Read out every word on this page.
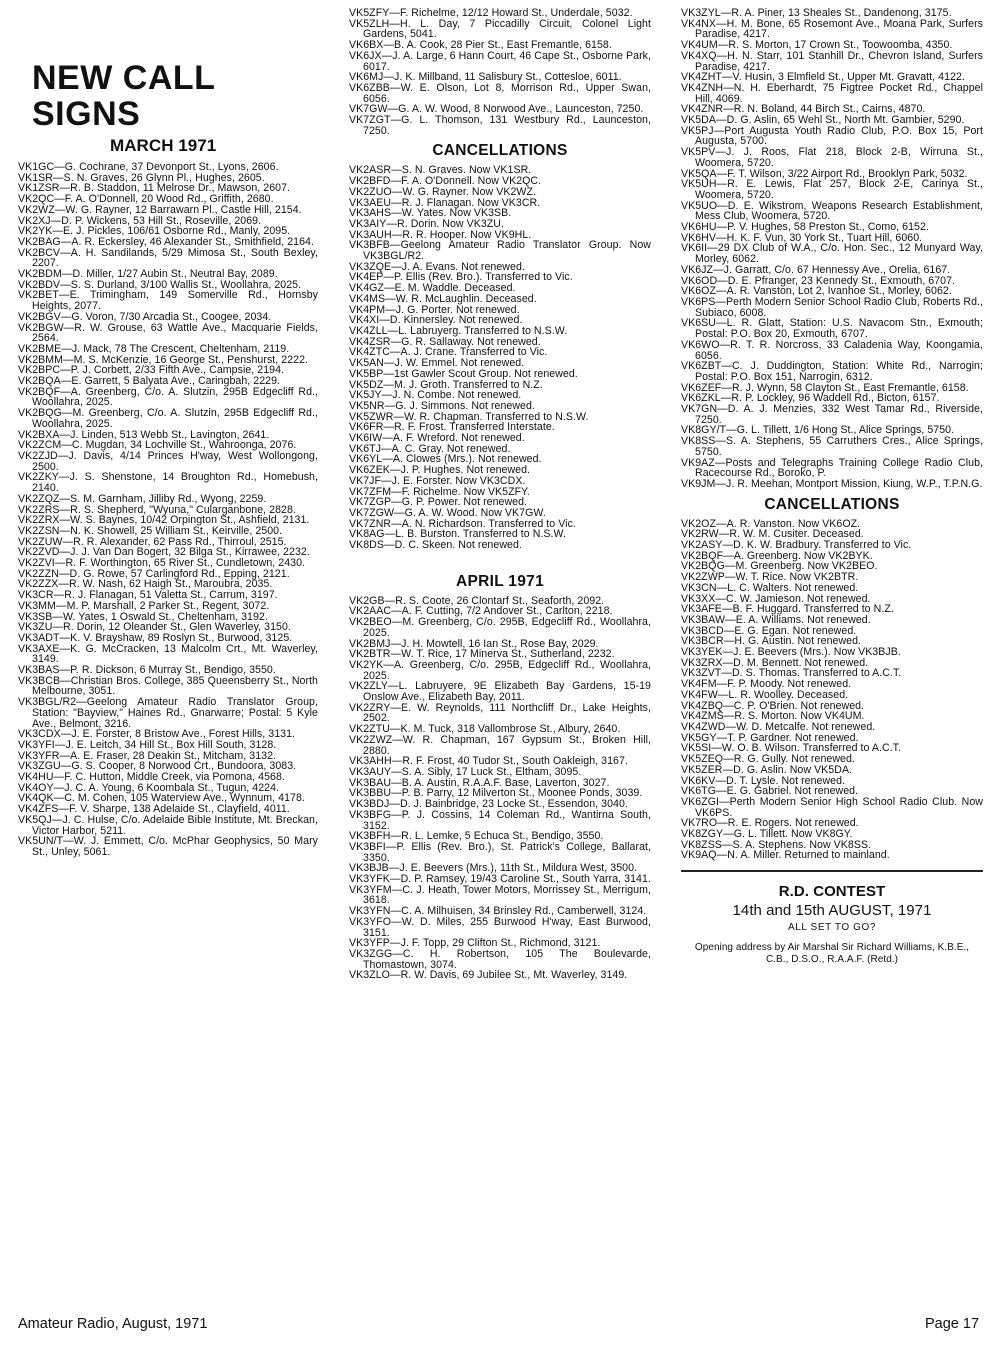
NEW CALL SIGNS
MARCH 1971

VK1GC—G. Cochrane, 37 Devonport St., Lyons, 2606.

VK1SR—S. N. Graves, 26 Glynn Pl., Hughes, 2605.

VK1ZSR—R. B. Staddon, 11 Melrose Dr., Mawson, 2607.

VK2QC—F. A. O'Donnell, 20 Wood Rd., Griffith, 2680.

VK2WZ—W. G. Rayner, 12 Barrawarn Pl., Castle Hill, 2154.

VK2XJ—D. P. Wickens, 53 Hill St., Roseville, 2069.

VK2YK—E. J. Pickles, 106/61 Osborne Rd., Manly, 2095.

VK2BAG—A. R. Eckersley, 46 Alexander St., Smithfield, 2164.

VK2BCV—A. H. Sandilands, 5/29 Mimosa St., South Bexley, 2207.

VK2BDM—D. Miller, 1/27 Aubin St., Neutral Bay, 2089.

VK2BDV—S. S. Durland, 3/100 Wallis St., Woollahra, 2025.

VK2BET—E. Trimingham, 149 Somerville Rd., Hornsby Heights, 2077.

VK2BGV—G. Voron, 7/30 Arcadia St., Coogee, 2034.

VK2BGW—R. W. Grouse, 63 Wattle Ave., Macquarie Fields, 2564.

VK2BME—J. Mack, 78 The Crescent, Cheltenham, 2119.

VK2BMM—M. S. McKenzie, 16 George St., Penshurst, 2222.

VK2BPC—P. J. Corbett, 2/33 Fifth Ave., Campsie, 2194.

VK2BQA—E. Garrett, 5 Balyata Ave., Caringbah, 2229.

VK2BQF—A. Greenberg, C/o. A. Slutzin, 295B Edgecliff Rd., Woollahra, 2025.

VK2BQG—M. Greenberg, C/o. A. Slutzin, 295B Edgecliff Rd., Woollahra, 2025.

VK2BXA—J. Linden, 513 Webb St., Lavington, 2641.

VK2ZCM—C. Mugdan, 34 Lochville St., Wahroonga, 2076.

VK2ZJD—J. Davis, 4/14 Princes H'way, West Wollongong, 2500.

VK2ZKY—J. S. Shenstone, 14 Broughton Rd., Homebush, 2140.

VK2ZQZ—S. M. Garnham, Jilliby Rd., Wyong, 2259.

VK2ZRS—R. S. Shepherd, "Wyuna," Cularganbone, 2828.

VK2ZRX—W. S. Baynes, 10/42 Orpington St., Ashfield, 2131.

VK2ZSN—N. K. Showell, 25 William St., Keirville, 2500.

VK2ZUW—R. R. Alexander, 62 Pass Rd., Thirroul, 2515.

VK2ZVD—J. J. Van Dan Bogert, 32 Bilga St., Kirrawee, 2232.

VK2ZVI—R. F. Worthington, 65 River St., Cundletown, 2430.

VK2ZZN—D. G. Rowe, 57 Carlingford Rd., Epping, 2121.

VK2ZZX—R. W. Nash, 62 Haigh St., Maroubra, 2035.

VK3CR—R. J. Flanagan, 51 Valetta St., Carrum, 3197.

VK3MM—M. P. Marshall, 2 Parker St., Regent, 3072.

VK3SB—W. Yates, 1 Oswald St., Cheltenham, 3192.

VK3ZU—R. Dorin, 12 Oleander St., Glen Waverley, 3150.

VK3ADT—K. V. Brayshaw, 89 Roslyn St., Burwood, 3125.

VK3AXE—K. G. McCracken, 13 Malcolm Crt., Mt. Waverley, 3149.

VK3BAS—P. R. Dickson, 6 Murray St., Bendigo, 3550.

VK3BCB—Christian Bros. College, 385 Queensberry St., North Melbourne, 3051.

VK3BGL/R2—Geelong Amateur Radio Translator Group, Station: "Bayview," Haines Rd., Gnarwarre; Postal: 5 Kyle Ave., Belmont, 3216.

VK3CDX—J. E. Forster, 8 Bristow Ave., Forest Hills, 3131.

VK3YFI—J. E. Leitch, 34 Hill St., Box Hill South, 3128.

VK3YFR—A. E. Fraser, 28 Deakin St., Mitcham, 3132.

VK3ZGU—G. S. Cooper, 8 Norwood Crt., Bundoora, 3083.

VK4HU—F. C. Hutton, Middle Creek, via Pomona, 4568.

VK4OY—J. C. A. Young, 6 Koombala St., Tugun, 4224.

VK4QK—C. M. Cohen, 105 Waterview Ave., Wynnum, 4178.

VK4ZFS—F. V. Sharpe, 138 Adelaide St., Clayfield, 4011.

VK5QJ—J. C. Hulse, C/o. Adelaide Bible Institute, Mt. Breckan, Victor Harbor, 5211.

VK5UN/T—W. J. Emmett, C/o. McPhar Geophysics, 50 Mary St., Unley, 5061.

VK5ZFY—F. Richelme, 12/12 Howard St., Underdale, 5032.

VK5ZLH—H. L. Day, 7 Piccadilly Circuit, Colonel Light Gardens, 5041.

VK6BX—B. A. Cook, 28 Pier St., East Fremantle, 6158.

VK6JX—J. A. Large, 6 Hann Court, 46 Cape St., Osborne Park, 6017.

VK6MJ—J. K. Millband, 11 Salisbury St., Cottesloe, 6011.

VK6ZBB—W. E. Olson, Lot 8, Morrison Rd., Upper Swan, 6056.

VK7GW—G. A. W. Wood, 8 Norwood Ave., Launceston, 7250.

VK7ZGT—G. L. Thomson, 131 Westbury Rd., Launceston, 7250.

CANCELLATIONS

VK2ASR—S. N. Graves. Now VK1SR.

VK2BFD—F. A. O'Donnell. Now VK2QC.

VK2ZUO—W. G. Rayner. Now VK2WZ.

VK3AEU—R. J. Flanagan. Now VK3CR.

VK3AHS—W. Yates. Now VK3SB.

VK3AIY—R. Dorin. Now VK3ZU.

VK3AUH—R. R. Hooper. Now VK9HL.

VK3BFB—Geelong Amateur Radio Translator Group. Now VK3BGL/R2.

VK3ZQE—J. A. Evans. Not renewed.

VK4EP—P. Ellis (Rev. Bro.). Transferred to Vic.

VK4GZ—E. M. Waddle. Deceased.

VK4MS—W. R. McLaughlin. Deceased.

VK4PM—J. G. Porter. Not renewed.

VK4XI—D. Kinnersley. Not renewed.

VK4ZLL—L. Labruyerg. Transferred to N.S.W.

VK4ZSR—G. R. Sallaway. Not renewed.

VK4ZTC—A. J. Crane. Transferred to Vic.

VK5AN—J. W. Emmel. Not renewed.

VK5BP—1st Gawler Scout Group. Not renewed.

VK5DZ—M. J. Groth. Transferred to N.Z.

VK5JY—J. N. Combe. Not renewed.

VK5NR—G. J. Simmons. Not renewed.

VK5ZWR—W. R. Chapman. Transferred to N.S.W.

VK6FR—R. F. Frost. Transferred Interstate.

VK6IW—A. F. Wreford. Not renewed.

VK6TJ—A. C. Gray. Not renewed.

VK6YL—A. Clowes (Mrs.). Not renewed.

VK6ZEK—J. P. Hughes. Not renewed.

VK7JF—J. E. Forster. Now VK3CDX.

VK7ZFM—F. Richelme. Now VK5ZFY.

VK7ZGP—G. P. Power. Not renewed.

VK7ZGW—G. A. W. Wood. Now VK7GW.

VK7ZNR—A. N. Richardson. Transferred to Vic.

VK8AG—L. B. Burston. Transferred to N.S.W.

VK8DS—D. C. Skeen. Not renewed.

APRIL 1971

VK2GB—R. S. Coote, 26 Clontarf St., Seaforth, 2092.

VK2AAC—A. F. Cutting, 7/2 Andover St., Carlton, 2218.

VK2BEO—M. Greenberg, C/o. 295B, Edgecliff Rd., Woollahra, 2025.

VK2BMJ—J. H. Mowtell, 16 Ian St., Rose Bay, 2029.

VK2BTR—W. T. Rice, 17 Minerva St., Sutherland, 2232.

VK2YK—A. Greenberg, C/o. 295B, Edgecliff Rd., Woollahra, 2025.

VK2ZLY—L. Labruyere, 9E Elizabeth Bay Gardens, 15-19 Onslow Ave., Elizabeth Bay, 2011.

VK2ZRY—E. W. Reynolds, 111 Northcliff Dr., Lake Heights, 2502.

VK2ZTU—K. M. Tuck, 318 Vallombrose St., Albury, 2640.

VK2ZWZ—W. R. Chapman, 167 Gypsum St., Broken Hill, 2880.

VK3AHH—R. F. Frost, 40 Tudor St., South Oakleigh, 3167.

VK3AUY—S. A. Sibly, 17 Luck St., Eltham, 3095.

VK3BAU—B. A. Austin, R.A.A.F. Base, Laverton, 3027.

VK3BBU—P. B. Parry, 12 Milverton St., Moonee Ponds, 3039.

VK3BDJ—D. J. Bainbridge, 23 Locke St., Essendon, 3040.

VK3BFG—P. J. Cossins, 14 Coleman Rd., Wantirna South, 3152.

VK3BFH—R. L. Lemke, 5 Echuca St., Bendigo, 3550.

VK3BFI—P. Ellis (Rev. Bro.), St. Patrick's College, Ballarat, 3350.

VK3BJB—J. E. Beevers (Mrs.), 11th St., Mildura West, 3500.

VK3YFK—D. P. Ramsey, 19/43 Caroline St., South Yarra, 3141.

VK3YFM—C. J. Heath, Tower Motors, Morrissey St., Merrigum, 3618.

VK3YFN—C. A. Milhuisen, 34 Brinsley Rd., Camberwell, 3124.

VK3YFO—W. D. Miles, 255 Burwood H'way, East Burwood, 3151.

VK3YFP—J. F. Topp, 29 Clifton St., Richmond, 3121.

VK3ZGG—C. H. Robertson, 105 The Boulevarde, Thomastown, 3074.

VK3ZLO—R. W. Davis, 69 Jubilee St., Mt. Waverley, 3149.

VK3ZYL—R. A. Piner, 13 Sheales St., Dandenong, 3175.

VK4NX—H. M. Bone, 65 Rosemont Ave., Moana Park, Surfers Paradise, 4217.

VK4UM—R. S. Morton, 17 Crown St., Toowoomba, 4350.

VK4XQ—H. N. Starr, 101 Stanhill Dr., Chevron Island, Surfers Paradise, 4217.

VK4ZHT—V. Husin, 3 Elmfield St., Upper Mt. Gravatt, 4122.

VK4ZNH—N. H. Eberhardt, 75 Figtree Pocket Rd., Chappel Hill, 4069.

VK4ZNR—R. N. Boland, 44 Birch St., Cairns, 4870.

VK5DA—D. G. Aslin, 65 Wehl St., North Mt. Gambier, 5290.

VK5PJ—Port Augusta Youth Radio Club, P.O. Box 15, Port Augusta, 5700.

VK5PV—J. J. Roos, Flat 218, Block 2-B, Wirruna St., Woomera, 5720.

VK5QA—F. T. Wilson, 3/22 Airport Rd., Brooklyn Park, 5032.

VK5UH—R. E. Lewis, Flat 257, Block 2-E, Carinya St., Woomera, 5720.

VK5UO—D. E. Wikstrom, Weapons Research Establishment, Mess Club, Woomera, 5720.

VK6HU—P. V. Hughes, 58 Preston St., Como, 6152.

VK6HV—H. K. F. Vun, 30 York St., Tuart Hill, 6060.

VK6II—29 DX Club of W.A., C/o. Hon. Sec., 12 Munyard Way, Morley, 6062.

VK6JZ—J. Garratt, C/o. 67 Hennessy Ave., Orelia, 6167.

VK6OD—D. E. Pfranger, 23 Kennedy St., Exmouth, 6707.

VK6OZ—A. R. Vanston, Lot 2, Ivanhoe St., Morley, 6062.

VK6PS—Perth Modern Senior School Radio Club, Roberts Rd., Subiaco, 6008.

VK6SU—L. R. Glatt, Station: U.S. Navacom Stn., Exmouth; Postal: P.O. Box 20, Exmouth, 6707.

VK6WO—R. T. R. Norcross, 33 Caladenia Way, Koongamia, 6056.

VK6ZBT—C. J. Duddington, Station: White Rd., Narrogin; Postal: P.O. Box 151, Narrogin, 6312.

VK6ZEF—R. J. Wynn, 58 Clayton St., East Fremantle, 6158.

VK6ZKL—R. P. Lockley, 96 Waddell Rd., Bicton, 6157.

VK7GN—D. A. J. Menzies, 332 West Tamar Rd., Riverside, 7250.

VK8GY/T—G. L. Tillett, 1/6 Hong St., Alice Springs, 5750.

VK8SS—S. A. Stephens, 55 Carruthers Cres., Alice Springs, 5750.

VK9AZ—Posts and Telegraphs Training College Radio Club, Racecourse Rd., Boroko, P.

VK9JM—J. R. Meehan, Montport Mission, Kiung, W.P., T.P.N.G.

CANCELLATIONS

VK2OZ—A. R. Vanston. Now VK6OZ.

VK2RW—R. W. M. Cusiter. Deceased.

VK2ASY—D. K. W. Bradbury. Transferred to Vic.

VK2BQF—A. Greenberg. Now VK2BYK.

VK2BQG—M. Greenberg. Now VK2BEO.

VK2ZWP—W. T. Rice. Now VK2BTR.

VK3CN—L. C. Walters. Not renewed.

VK3XX—C. W. Jamieson. Not renewed.

VK3AFE—B. F. Huggard. Transferred to N.Z.

VK3BAW—E. A. Williams. Not renewed.

VK3BCD—E. G. Egan. Not renewed.

VK3BCR—H. G. Austin. Not renewed.

VK3YEK—J. E. Beevers (Mrs.). Now VK3BJB.

VK3ZRX—D. M. Bennett. Not renewed.

VK3ZVT—D. S. Thomas. Transferred to A.C.T.

VK4FM—F. P. Moody. Not renewed.

VK4FW—L. R. Woolley. Deceased.

VK4ZBQ—C. P. O'Brien. Not renewed.

VK4ZMS—R. S. Morton. Now VK4UM.

VK4ZWD—W. D. Metcalfe. Not renewed.

VK5GY—T. P. Gardner. Not renewed.

VK5SI—W. O. B. Wilson. Transferred to A.C.T.

VK5ZEQ—R. G. Gully. Not renewed.

VK5ZER—D. G. Aslin. Now VK5DA.

VK6KV—D. T. Lysle. Not renewed.

VK6TG—E. G. Gabriel. Not renewed.

VK6ZGI—Perth Modern Senior High School Radio Club. Now VK6PS.

VK7RO—R. E. Rogers. Not renewed.

VK8ZGY—G. L. Tillett. Now VK8GY.

VK8ZSS—S. A. Stephens. Now VK8SS.

VK9AQ—N. A. Miller. Returned to mainland.

R.D. CONTEST
14th and 15th AUGUST, 1971
ALL SET TO GO?
Opening address by Air Marshal Sir Richard Williams, K.B.E., C.B., D.S.O., R.A.A.F. (Retd.)
Amateur Radio, August, 1971	Page 17
